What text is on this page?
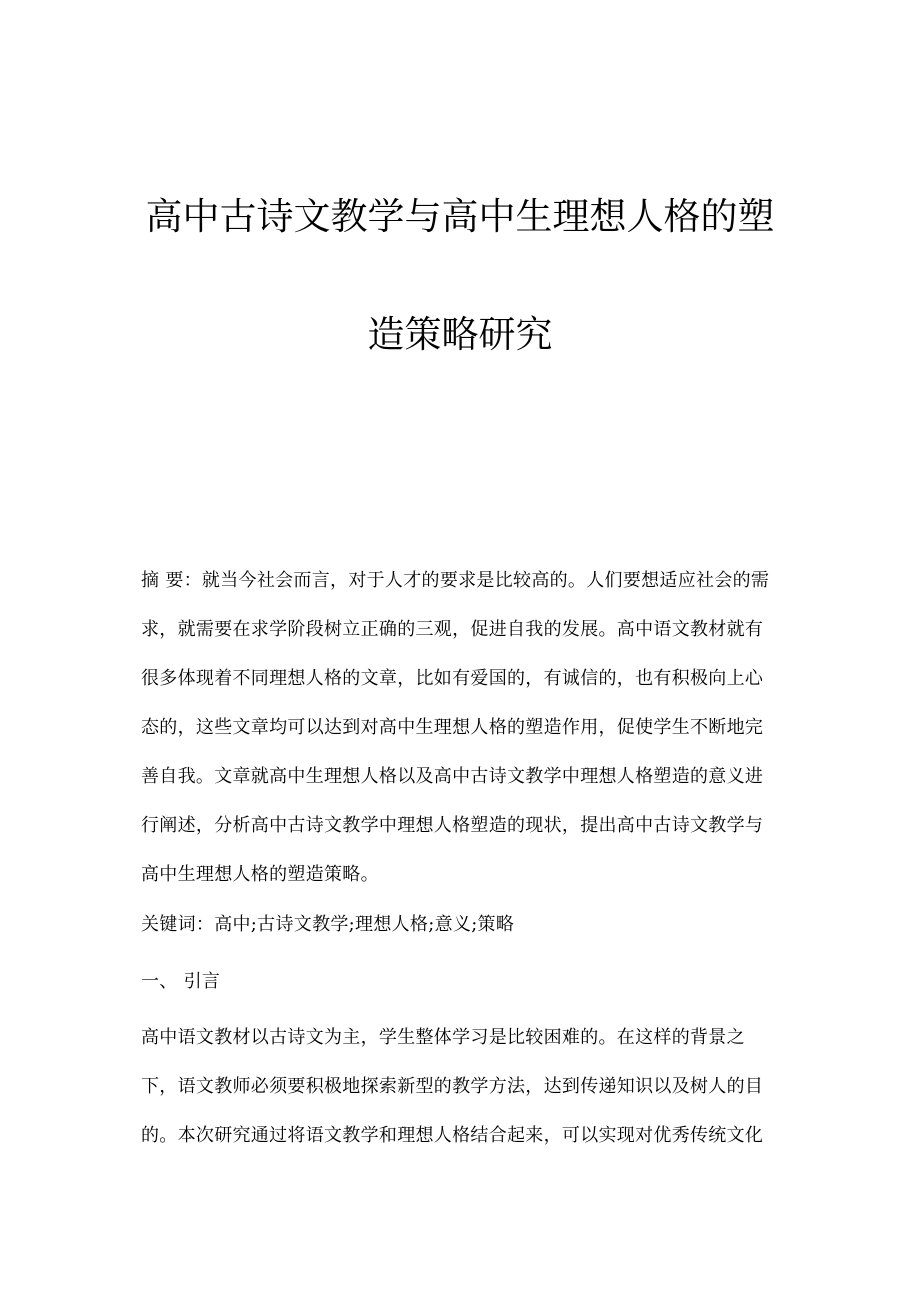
高中古诗文教学与高中生理想人格的塑
造策略研究
摘 要：就当今社会而言，对于人才的要求是比较高的。人们要想适应社会的需
求，就需要在求学阶段树立正确的三观，促进自我的发展。高中语文教材就有
很多体现着不同理想人格的文章，比如有爱国的，有诚信的，也有积极向上心
态的，这些文章均可以达到对高中生理想人格的塑造作用，促使学生不断地完
善自我。文章就高中生理想人格以及高中古诗文教学中理想人格塑造的意义进
行阐述，分析高中古诗文教学中理想人格塑造的现状，提出高中古诗文教学与
高中生理想人格的塑造策略。
关键词：高中;古诗文教学;理想人格;意义;策略
一、 引言
高中语文教材以古诗文为主，学生整体学习是比较困难的。在这样的背景之
下，语文教师必须要积极地探索新型的教学方法，达到传递知识以及树人的目
的。本次研究通过将语文教学和理想人格结合起来，可以实现对优秀传统文化
